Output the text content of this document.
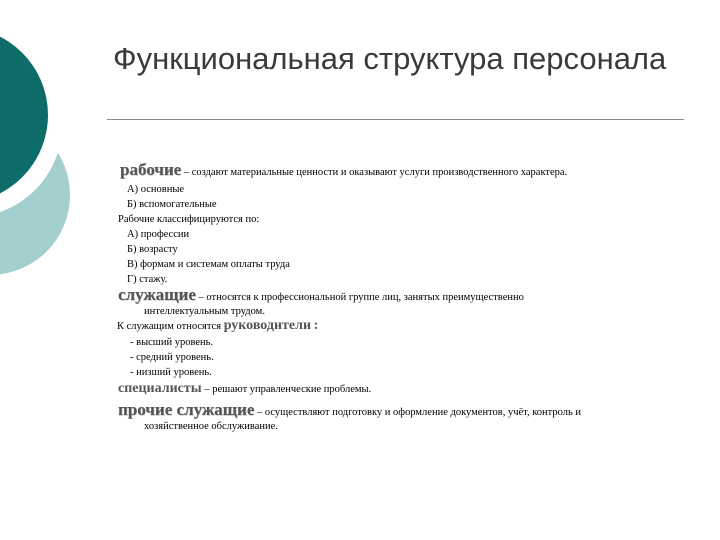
Функциональная структура персонала
рабочие – создают материальные ценности и оказывают услуги производственного характера.
А) основные
Б) вспомогательные
Рабочие классифицируются по:
А) профессии
Б) возрасту
В) формам и системам оплаты труда
Г) стажу.
служащие – относятся к профессиональной группе лиц, занятых преимущественно
интеллектуальным трудом.
К служащим относятся руководители :
- высший уровень.
- средний уровень.
- низший уровень.
специалисты – решают управленческие проблемы.
прочие служащие – осуществляют подготовку и оформление документов, учёт, контроль и
хозяйственное обслуживание.
